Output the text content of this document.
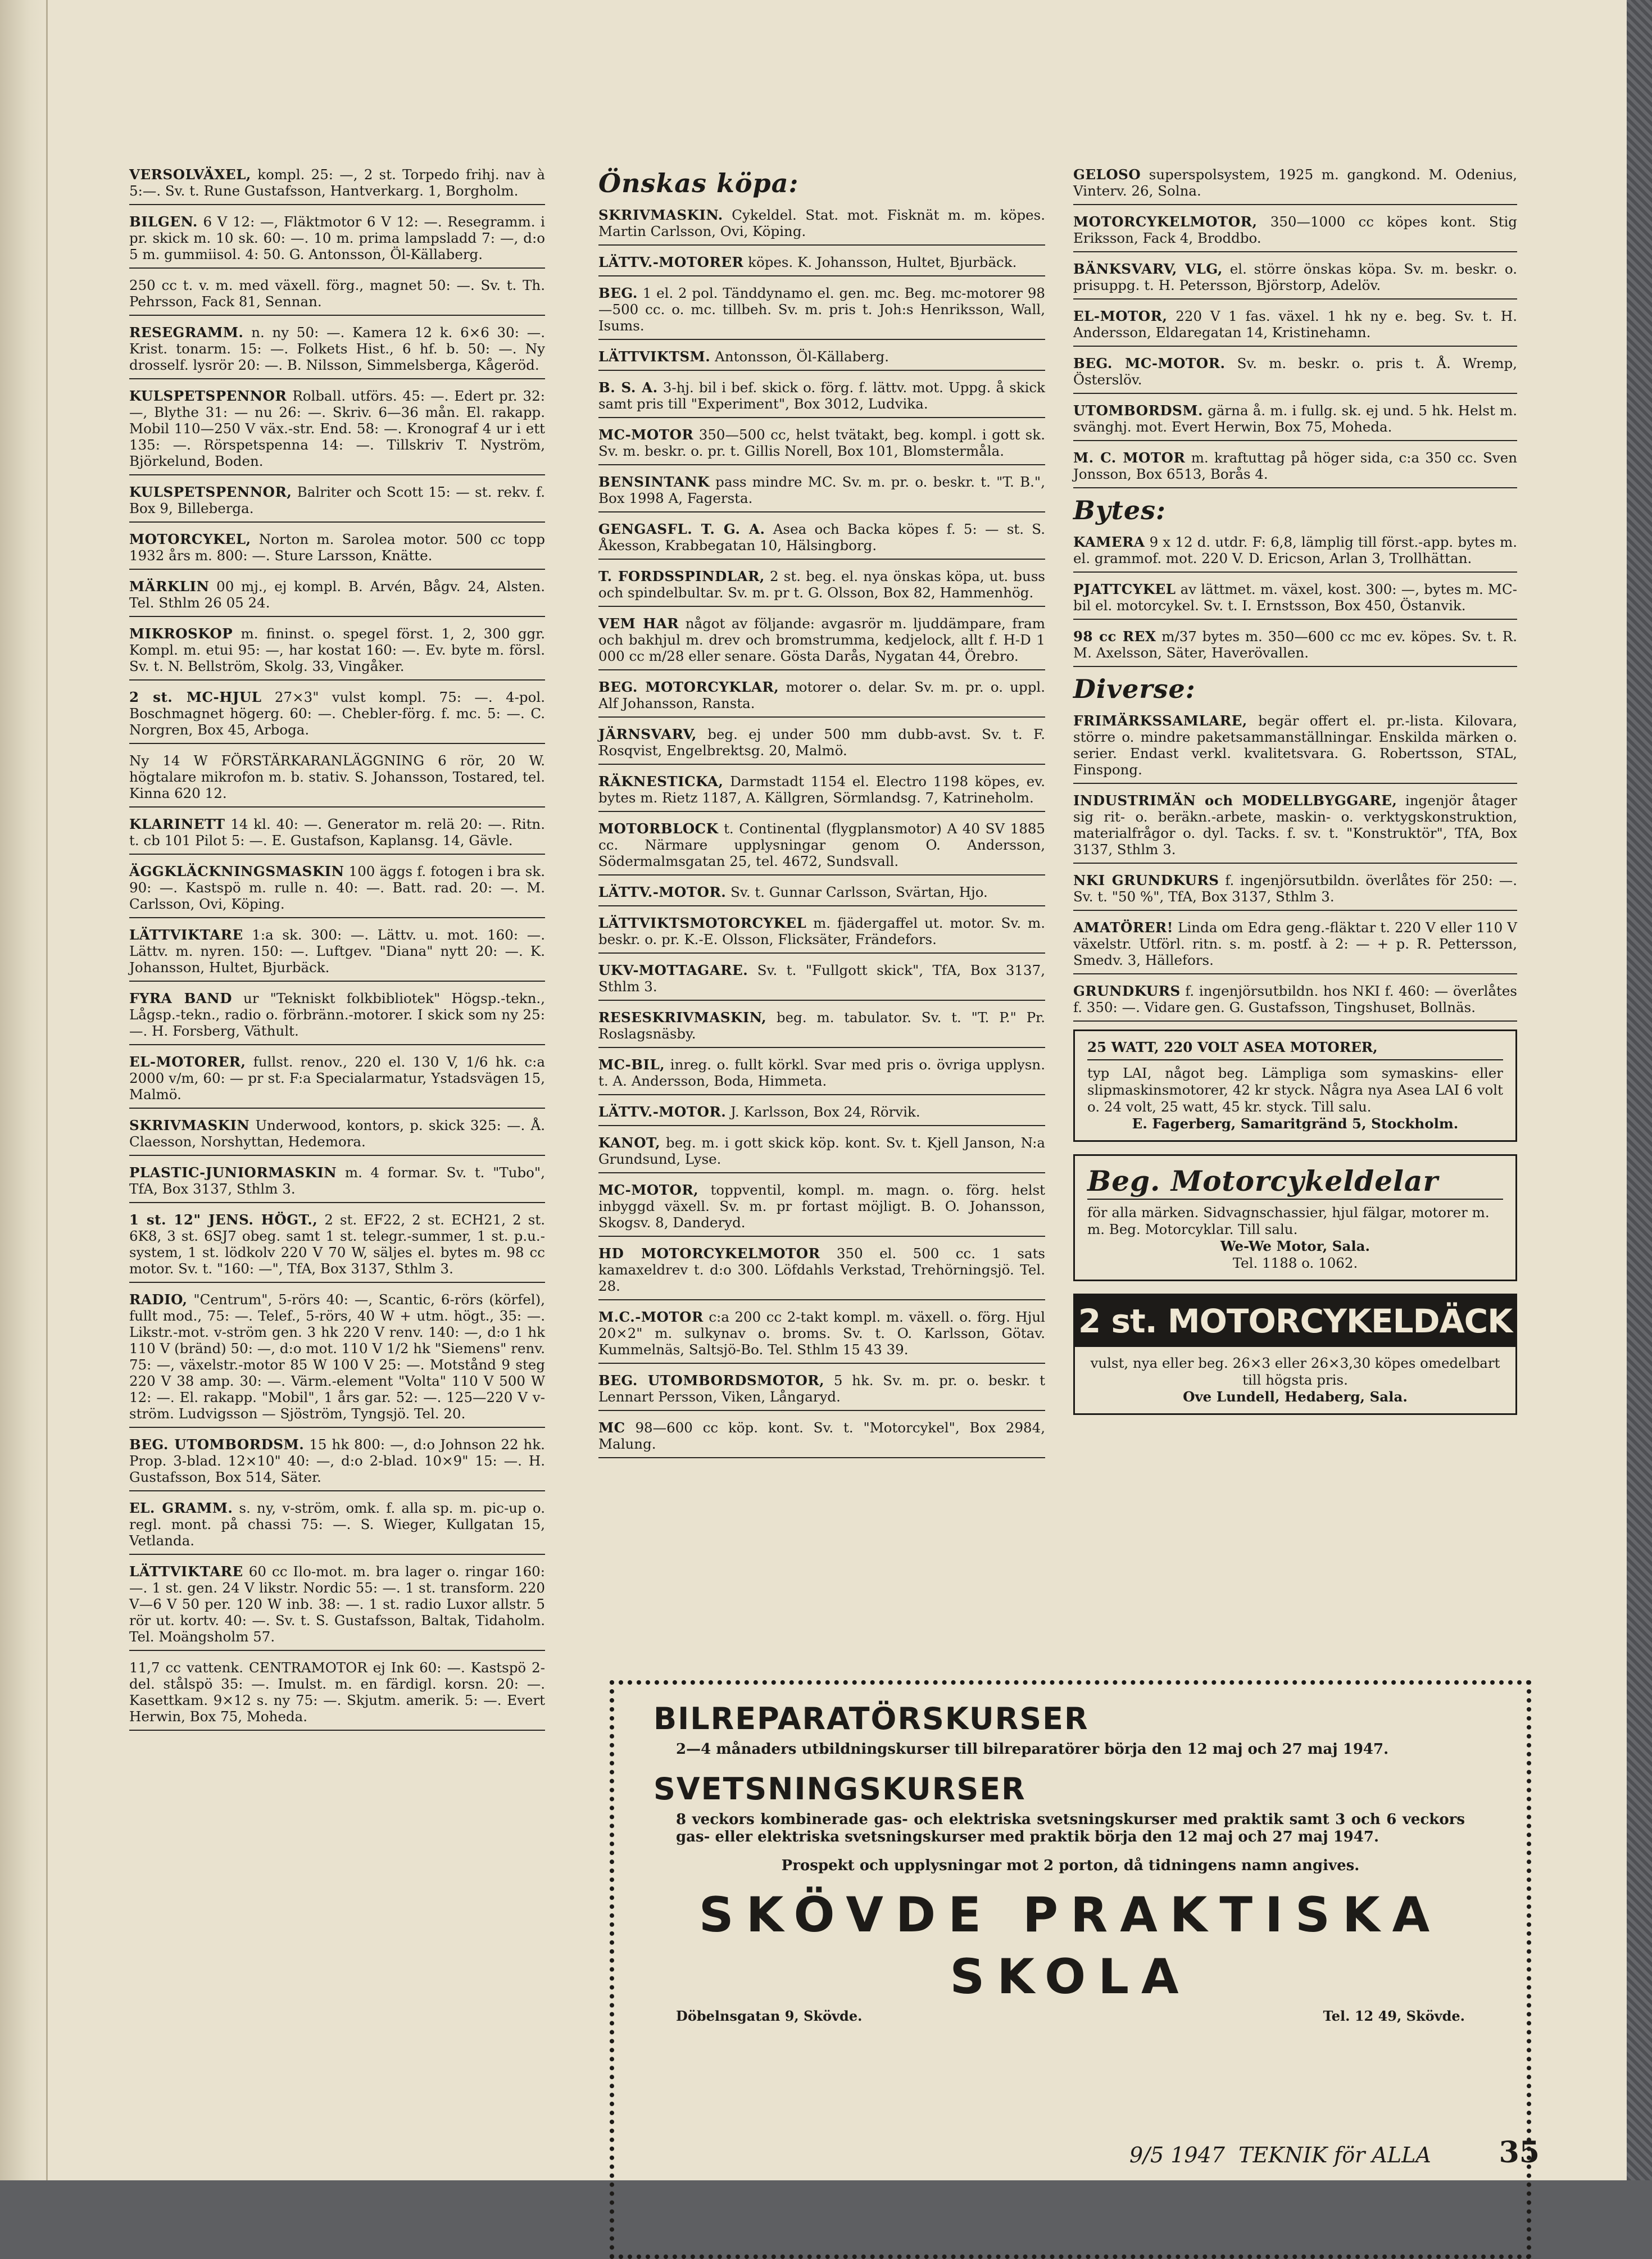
VERSOLVÄXEL, kompl. 25: —, 2 st. Torpedo frihj. nav à 5:—. Sv. t. Rune Gustafsson, Hantverkarg. 1, Borgholm.
BILGEN. 6 V 12: —, Fläktmotor 6 V 12: —. Resegramm. i pr. skick m. 10 sk. 60: —. 10 m. prima lampsladd 7: —, d:o 5 m. gummiisol. 4: 50. G. Antonsson, Öl-Källaberg.
250 cc t. v. m. med växell. förg., magnet 50: —. Sv. t. Th. Pehrsson, Fack 81, Sennan.
RESEGRAMM. n. ny 50: —. Kamera 12 k. 6×6 30: —. Krist. tonarm. 15: —. Folkets Hist., 6 hf. b. 50: —. Ny drosself. lysrör 20: —. B. Nilsson, Simmelsberga, Kågeröd.
KULSPETSPENNOR Rolball. utförs. 45: —. Edert pr. 32: —, Blythe 31: — nu 26: —. Skriv. 6—36 mån. El. rakapp. Mobil 110—250 V väx.-str. End. 58: —. Kronograf 4 ur i ett 135: —. Rörspetspenna 14: —. Tillskriv T. Nyström, Björkelund, Boden.
KULSPETSPENNOR, Balriter och Scott 15: — st. rekv. f. Box 9, Billeberga.
MOTORCYKEL, Norton m. Sarolea motor. 500 cc topp 1932 års m. 800: —. Sture Larsson, Knätte.
MÄRKLIN 00 mj., ej kompl. B. Arvén, Bågv. 24, Alsten. Tel. Sthlm 26 05 24.
MIKROSKOP m. fininst. o. spegel först. 1, 2, 300 ggr. Kompl. m. etui 95: —, har kostat 160: —. Ev. byte m. försl. Sv. t. N. Bellström, Skolg. 33, Vingåker.
2 st. MC-HJUL 27×3" vulst kompl. 75: —. 4-pol. Boschmagnet högerg. 60: —. Chebler-förg. f. mc. 5: —. C. Norgren, Box 45, Arboga.
Ny 14 W FÖRSTÄRKARANLÄGGNING 6 rör, 20 W. högtalare mikrofon m. b. stativ. S. Johansson, Tostared, tel. Kinna 620 12.
KLARINETT 14 kl. 40: —. Generator m. relä 20: —. Ritn. t. cb 101 Pilot 5: —. E. Gustafson, Kaplansg. 14, Gävle.
ÄGGKLÄCKNINGSMASKIN 100 äggs f. fotogen i bra sk. 90: —. Kastspö m. rulle n. 40: —. Batt. rad. 20: —. M. Carlsson, Ovi, Köping.
LÄTTVIKTARE 1:a sk. 300: —. Lättv. u. mot. 160: —. Lättv. m. nyren. 150: —. Luftgev. "Diana" nytt 20: —. K. Johansson, Hultet, Bjurbäck.
FYRA BAND ur "Tekniskt folkbibliotek" Högsp.-tekn., Lågsp.-tekn., radio o. förbränn.-motorer. I skick som ny 25: —. H. Forsberg, Väthult.
EL-MOTORER, fullst. renov., 220 el. 130 V, 1/6 hk. c:a 2000 v/m, 60: — pr st. F:a Specialarmatur, Ystadsvägen 15, Malmö.
SKRIVMASKIN Underwood, kontors, p. skick 325: —. Å. Claesson, Norshyttan, Hedemora.
PLASTIC-JUNIORMASKIN m. 4 formar. Sv. t. "Tubo", TfA, Box 3137, Sthlm 3.
1 st. 12" JENS. HÖGT., 2 st. EF22, 2 st. ECH21, 2 st. 6K8, 3 st. 6SJ7 obeg. samt 1 st. telegr.-summer, 1 st. p.u.-system, 1 st. lödkolv 220 V 70 W, säljes el. bytes m. 98 cc motor. Sv. t. "160: —", TfA, Box 3137, Sthlm 3.
RADIO, "Centrum", 5-rörs 40: —, Scantic, 6-rörs (körfel), fullt mod., 75: —. Telef., 5-rörs, 40 W + utm. högt., 35: —. Likstr.-mot. v-ström gen. 3 hk 220 V renv. 140: —, d:o 1 hk 110 V (bränd) 50: —, d:o mot. 110 V 1/2 hk "Siemens" renv. 75: —, växelstr.-motor 85 W 100 V 25: —. Motstånd 9 steg 220 V 38 amp. 30: —. Värm.-element "Volta" 110 V 500 W 12: —. El. rakapp. "Mobil", 1 års gar. 52: —. 125—220 V v-ström. Ludvigsson — Sjöström, Tyngsjö. Tel. 20.
BEG. UTOMBORDSM. 15 hk 800: —, d:o Johnson 22 hk. Prop. 3-blad. 12×10" 40: —, d:o 2-blad. 10×9" 15: —. H. Gustafsson, Box 514, Säter.
EL. GRAMM. s. ny, v-ström, omk. f. alla sp. m. pic-up o. regl. mont. på chassi 75: —. S. Wieger, Kullgatan 15, Vetlanda.
LÄTTVIKTARE 60 cc Ilo-mot. m. bra lager o. ringar 160: —. 1 st. gen. 24 V likstr. Nordic 55: —. 1 st. transform. 220 V—6 V 50 per. 120 W inb. 38: —. 1 st. radio Luxor allstr. 5 rör ut. kortv. 40: —. Sv. t. S. Gustafsson, Baltak, Tidaholm. Tel. Moängsholm 57.
11,7 cc vattenk. CENTRAMOTOR ej Ink 60: —. Kastspö 2-del. stålspö 35: —. Imulst. m. en färdigl. korsn. 20: —. Kasettkam. 9×12 s. ny 75: —. Skjutm. amerik. 5: —. Evert Herwin, Box 75, Moheda.
Önskas köpa:
SKRIVMASKIN. Cykeldel. Stat. mot. Fisknät m. m. köpes. Martin Carlsson, Ovi, Köping.
LÄTTV.-MOTORER köpes. K. Johansson, Hultet, Bjurbäck.
BEG. 1 el. 2 pol. Tänddynamo el. gen. mc. Beg. mc-motorer 98—500 cc. o. mc. tillbeh. Sv. m. pris t. Joh:s Henriksson, Wall, Isums.
LÄTTVIKTSM. Antonsson, Öl-Källaberg.
B. S. A. 3-hj. bil i bef. skick o. förg. f. lättv. mot. Uppg. å skick samt pris till "Experiment", Box 3012, Ludvika.
MC-MOTOR 350—500 cc, helst tvätakt, beg. kompl. i gott sk. Sv. m. beskr. o. pr. t. Gillis Norell, Box 101, Blomstermåla.
BENSINTANK pass mindre MC. Sv. m. pr. o. beskr. t. "T. B.", Box 1998 A, Fagersta.
GENGASFL. T. G. A. Asea och Backa köpes f. 5: — st. S. Åkesson, Krabbegatan 10, Hälsingborg.
T. FORDSSPINDLAR, 2 st. beg. el. nya önskas köpa, ut. buss och spindelbultar. Sv. m. pr t. G. Olsson, Box 82, Hammenhög.
VEM HAR något av följande: avgasrör m. ljuddämpare, fram och bakhjul m. drev och bromstrumma, kedjelock, allt f. H-D 1 000 cc m/28 eller senare. Gösta Darås, Nygatan 44, Örebro.
BEG. MOTORCYKLAR, motorer o. delar. Sv. m. pr. o. uppl. Alf Johansson, Ransta.
JÄRNSVARV, beg. ej under 500 mm dubb-avst. Sv. t. F. Rosqvist, Engelbrektsg. 20, Malmö.
RÄKNESTICKA, Darmstadt 1154 el. Electro 1198 köpes, ev. bytes m. Rietz 1187, A. Källgren, Sörmlandsg. 7, Katrineholm.
MOTORBLOCK t. Continental (flygplansmotor) A 40 SV 1885 cc. Närmare upplysningar genom O. Andersson, Södermalmsgatan 25, tel. 4672, Sundsvall.
LÄTTV.-MOTOR. Sv. t. Gunnar Carlsson, Svärtan, Hjo.
LÄTTVIKTSMOTORCYKEL m. fjädergaffel ut. motor. Sv. m. beskr. o. pr. K.-E. Olsson, Flicksäter, Frändefors.
UKV-MOTTAGARE. Sv. t. "Fullgott skick", TfA, Box 3137, Sthlm 3.
RESESKRIVMASKIN, beg. m. tabulator. Sv. t. "T. P." Pr. Roslagsnäsby.
MC-BIL, inreg. o. fullt körkl. Svar med pris o. övriga upplysn. t. A. Andersson, Boda, Himmeta.
LÄTTV.-MOTOR. J. Karlsson, Box 24, Rörvik.
KANOT, beg. m. i gott skick köp. kont. Sv. t. Kjell Janson, N:a Grundsund, Lyse.
MC-MOTOR, toppventil, kompl. m. magn. o. förg. helst inbyggd växell. Sv. m. pr fortast möjligt. B. O. Johansson, Skogsv. 8, Danderyd.
HD MOTORCYKELMOTOR 350 el. 500 cc. 1 sats kamaxeldrev t. d:o 300. Löfdahls Verkstad, Trehörningsjö. Tel. 28.
M.C.-MOTOR c:a 200 cc 2-takt kompl. m. växell. o. förg. Hjul 20×2" m. sulkynav o. broms. Sv. t. O. Karlsson, Götav. Kummelnäs, Saltsjö-Bo. Tel. Sthlm 15 43 39.
BEG. UTOMBORDSMOTOR, 5 hk. Sv. m. pr. o. beskr. t Lennart Persson, Viken, Långaryd.
MC 98—600 cc köp. kont. Sv. t. "Motorcykel", Box 2984, Malung.
GELOSO superspolsystem, 1925 m. gangkond. M. Odenius, Vinterv. 26, Solna.
MOTORCYKELMOTOR, 350—1000 cc köpes kont. Stig Eriksson, Fack 4, Broddbo.
BÄNKSVARV, VLG, el. större önskas köpa. Sv. m. beskr. o. prisuppg. t. H. Petersson, Björstorp, Adelöv.
EL-MOTOR, 220 V 1 fas. växel. 1 hk ny e. beg. Sv. t. H. Andersson, Eldaregatan 14, Kristinehamn.
BEG. MC-MOTOR. Sv. m. beskr. o. pris t. Å. Wremp, Österslöv.
UTOMBORDSM. gärna å. m. i fullg. sk. ej und. 5 hk. Helst m. svänghj. mot. Evert Herwin, Box 75, Moheda.
M. C. MOTOR m. kraftuttag på höger sida, c:a 350 cc. Sven Jonsson, Box 6513, Borås 4.
Bytes:
KAMERA 9 x 12 d. utdr. F: 6,8, lämplig till först.-app. bytes m. el. grammof. mot. 220 V. D. Ericson, Arlan 3, Trollhättan.
PJATTCYKEL av lättmet. m. växel, kost. 300: —, bytes m. MC-bil el. motorcykel. Sv. t. I. Ernstsson, Box 450, Östanvik.
98 cc REX m/37 bytes m. 350—600 cc mc ev. köpes. Sv. t. R. M. Axelsson, Säter, Haverövallen.
Diverse:
FRIMÄRKSSAMLARE, begär offert el. pr.-lista. Kilovara, större o. mindre paketsammanställningar. Enskilda märken o. serier. Endast verkl. kvalitetsvara. G. Robertsson, STAL, Finspong.
INDUSTRIMÄN och MODELLBYGGARE, ingenjör åtager sig rit- o. beräkn.-arbete, maskin- o. verktygskonstruktion, materialfrågor o. dyl. Tacks. f. sv. t. "Konstruktör", TfA, Box 3137, Sthlm 3.
NKI GRUNDKURS f. ingenjörsutbildn. överlåtes för 250: —. Sv. t. "50 %", TfA, Box 3137, Sthlm 3.
AMATÖRER! Linda om Edra geng.-fläktar t. 220 V eller 110 V växelstr. Utförl. ritn. s. m. postf. à 2: — + p. R. Pettersson, Smedv. 3, Hällefors.
GRUNDKURS f. ingenjörsutbildn. hos NKI f. 460: — överlåtes f. 350: —. Vidare gen. G. Gustafsson, Tingshuset, Bollnäs.
25 WATT, 220 VOLT ASEA MOTORER,
typ LAI, något beg. Lämpliga som symaskins- eller slipmaskinsmotorer, 42 kr styck. Några nya Asea LAI 6 volt o. 24 volt, 25 watt, 45 kr. styck. Till salu.
E. Fagerberg, Samaritgränd 5, Stockholm.
Beg. Motorcykeldelar
för alla märken. Sidvagnschassier, hjul fälgar, motorer m. m. Beg. Motorcyklar. Till salu.
We-We Motor, Sala.
Tel. 1188 o. 1062.
2 st. MOTORCYKELDÄCK
vulst, nya eller beg. 26×3 eller 26×3,30 köpes omedelbart till högsta pris.
Ove Lundell, Hedaberg, Sala.
BILREPARATÖRSKURSER
2—4 månaders utbildningskurser till bilreparatörer börja den 12 maj och 27 maj 1947.
SVETSNINGSKURSER
8 veckors kombinerade gas- och elektriska svetsningskurser med praktik samt 3 och 6 veckors gas- eller elektriska svetsningskurser med praktik börja den 12 maj och 27 maj 1947.
Prospekt och upplysningar mot 2 porton, då tidningens namn angives.
SKÖVDE PRAKTISKA SKOLA
Döbelnsgatan 9, Skövde.	Tel. 12 49, Skövde.
9/5 1947  TEKNIK för ALLA 35
